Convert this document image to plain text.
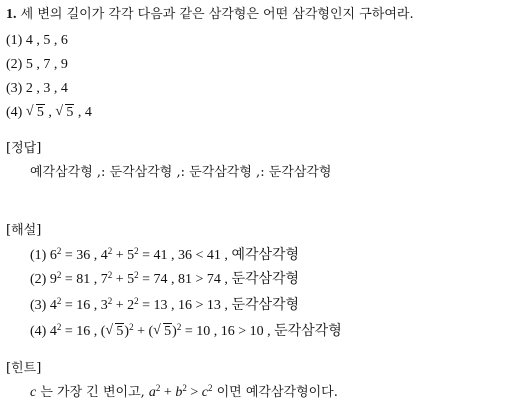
1. 세 변의 길이가 각각 다음과 같은 삼각형은 어떤 삼각형인지 구하여라.
(1) 4 , 5 , 6
(2) 5 , 7 , 9
(3) 2 , 3 , 4
(4) √ 5 , √ 5 , 4
[정답]
예각삼각형 ,: 둔각삼각형 ,: 둔각삼각형 ,: 둔각삼각형
[해설]
(1) $6^2 = 36$ , $4^2 + 5^2 = 41$ , 36 < 41 , 예각삼각형
(2) $9^2 = 81$ , $7^2 + 5^2 = 74$ , 81 > 74 , 둔각삼각형
(3) $4^2 = 16$ , $3^2 + 2^2 = 13$ , 16 > 13 , 둔각삼각형
(4) $4^2 = 16$ , ( √ 5)$^2$ + ( √ 5)$^2$ = 10 , 16 > 10 , 둔각삼각형
[힌트]
c 는 가장 긴 변이고, $a^2 + b^2 > c^2$ 이면 예각삼각형이다.
